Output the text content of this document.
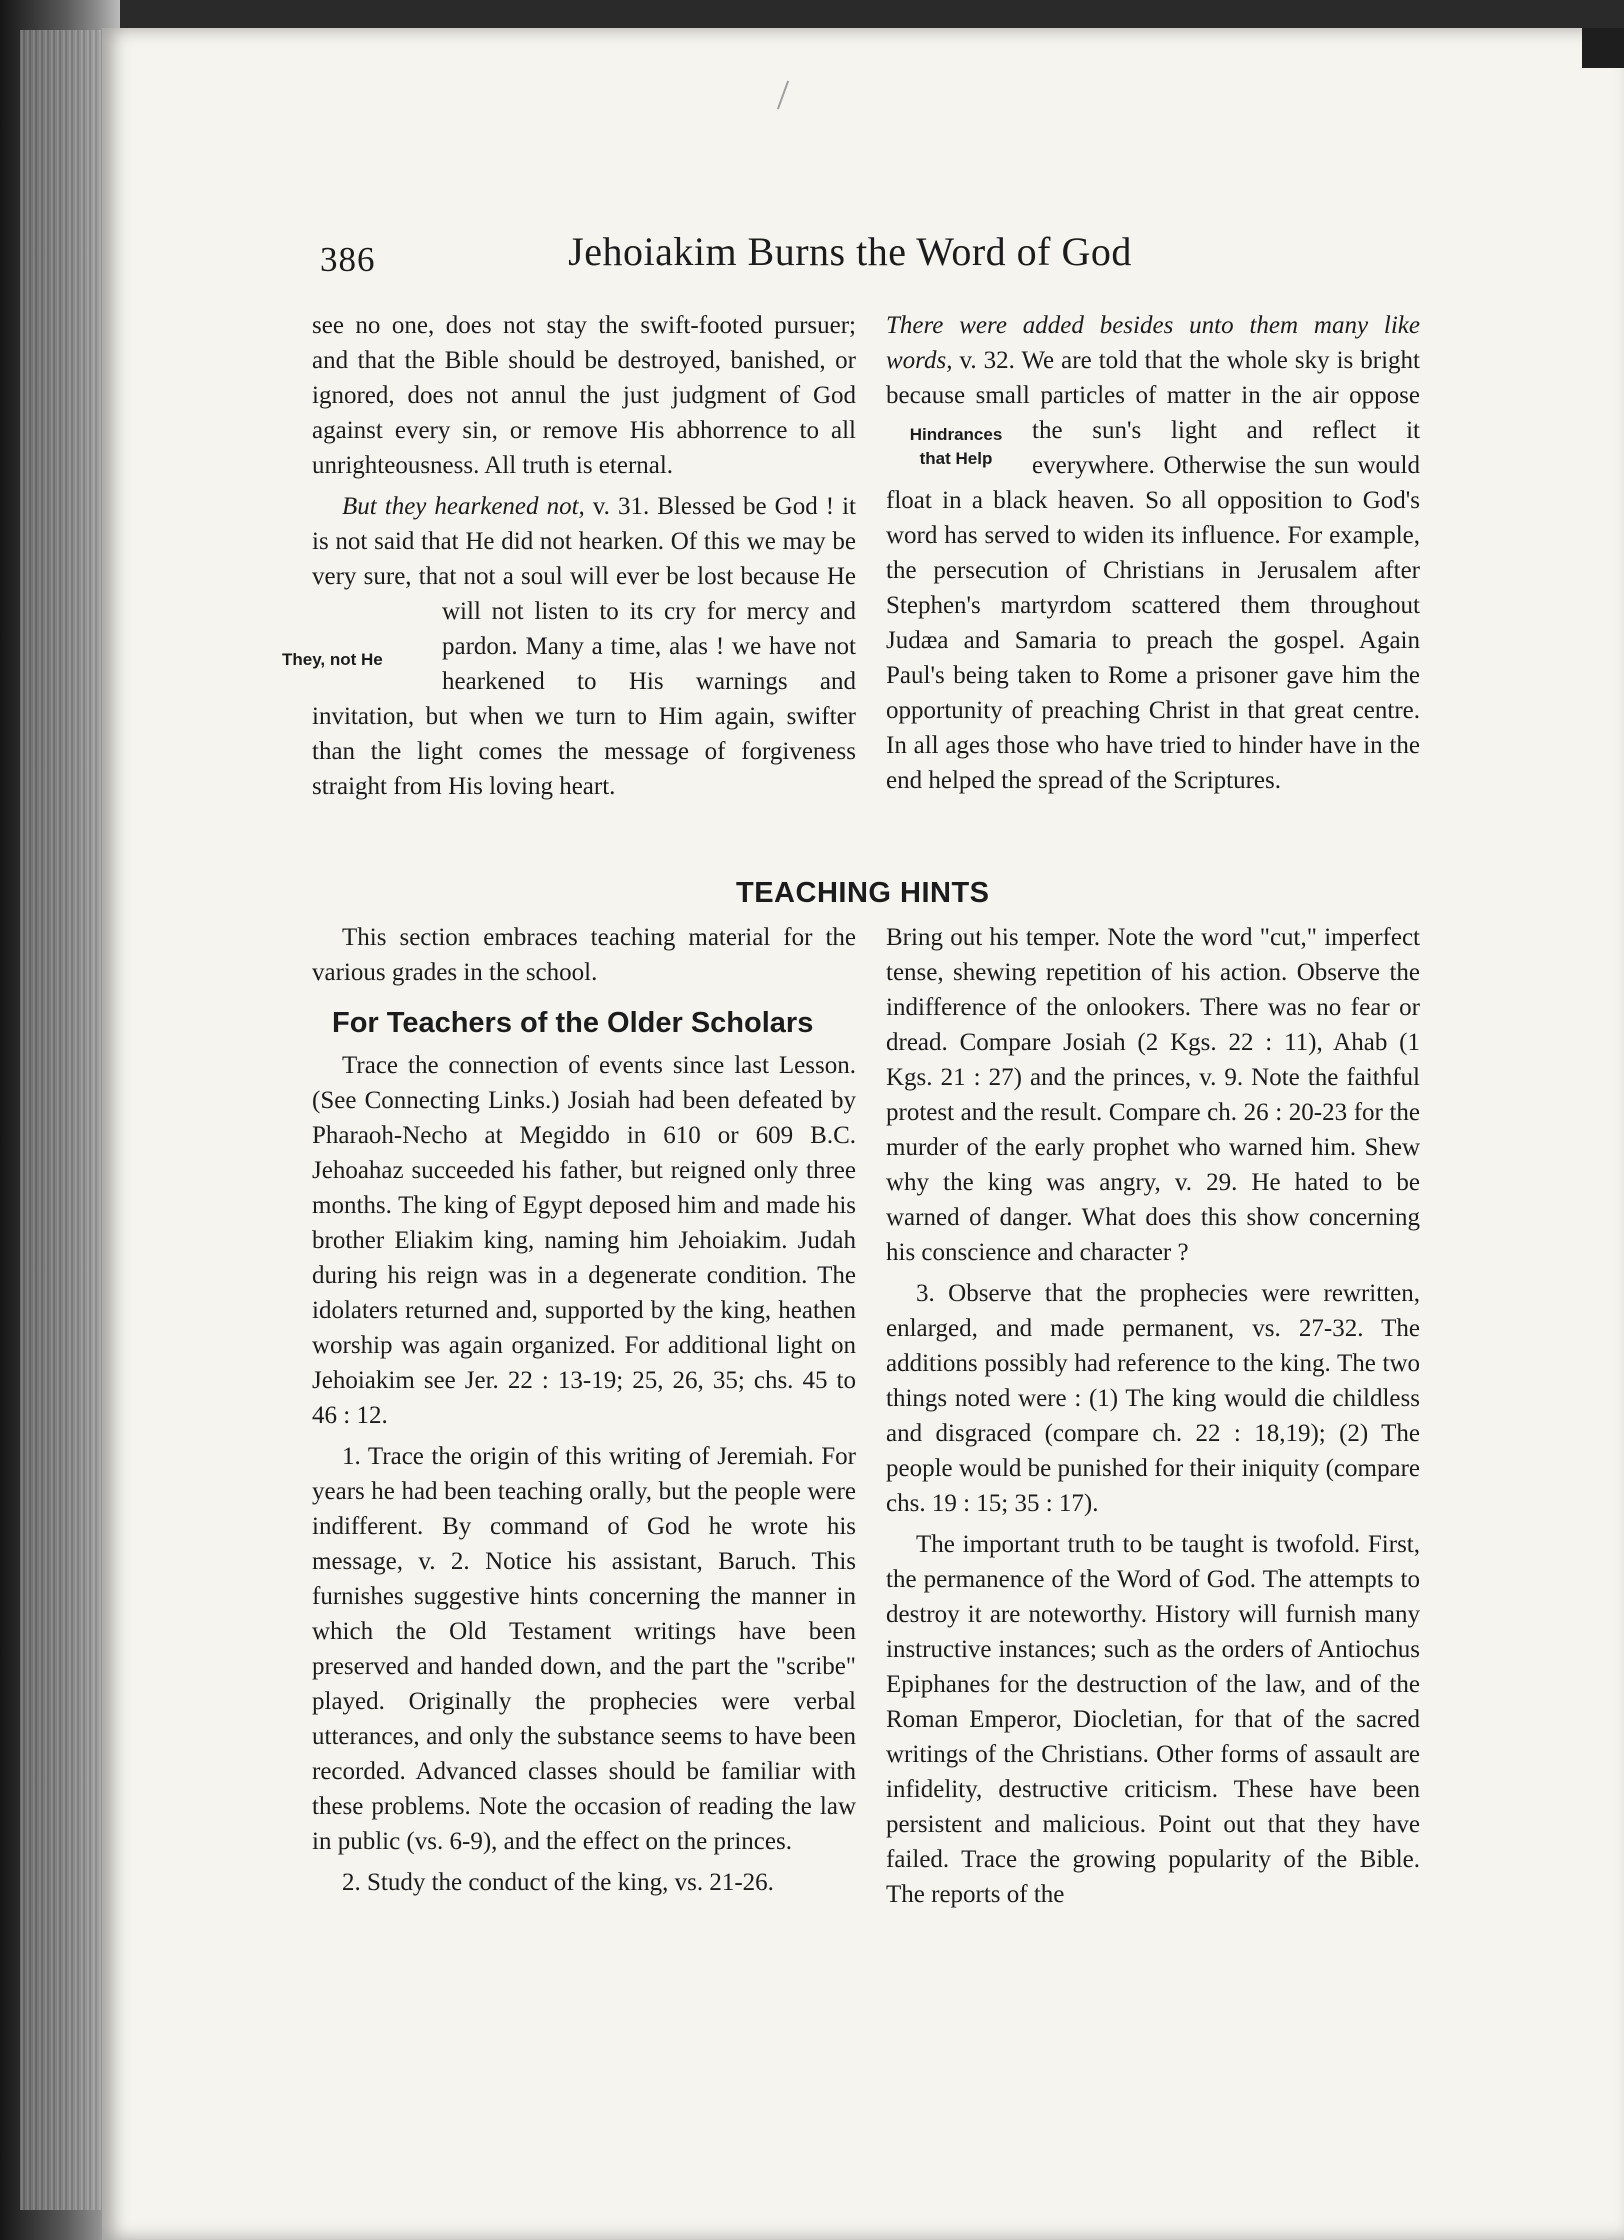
386	Jehoiakim Burns the Word of God

see no one, does not stay the swift-footed pursuer; and that the Bible should be destroyed, banished, or ignored, does not annul the just judgment of God against every sin, or remove His abhorrence to all unrighteousness. All truth is eternal.

They, not He
But they hearkened not, v. 31. Blessed be God ! it is not said that He did not hearken. Of this we may be very sure, that not a soul will ever be lost because He will not listen to its cry for mercy and pardon. Many a time, alas ! we have not hearkened to His warnings and invitation, but when we turn to Him again, swifter than the light comes the message of forgiveness straight from His loving heart.

Hindrances
that Help
There were added besides unto them many like words, v. 32. We are told that the whole sky is bright because small particles of matter in the air oppose the sun's light and reflect it everywhere. Otherwise the sun would float in a black heaven. So all opposition to God's word has served to widen its influence. For example, the persecution of Christians in Jerusalem after Stephen's martyrdom scattered them throughout Judæa and Samaria to preach the gospel. Again Paul's being taken to Rome a prisoner gave him the opportunity of preaching Christ in that great centre. In all ages those who have tried to hinder have in the end helped the spread of the Scriptures.

TEACHING HINTS

This section embraces teaching material for the various grades in the school.

For Teachers of the Older Scholars

Trace the connection of events since last Lesson. (See Connecting Links.) Josiah had been defeated by Pharaoh-Necho at Megiddo in 610 or 609 B.C. Jehoahaz succeeded his father, but reigned only three months. The king of Egypt deposed him and made his brother Eliakim king, naming him Jehoiakim. Judah during his reign was in a degenerate condition. The idolaters returned and, supported by the king, heathen worship was again organized. For additional light on Jehoiakim see Jer. 22 : 13-19; 25, 26, 35; chs. 45 to 46 : 12.

1. Trace the origin of this writing of Jeremiah. For years he had been teaching orally, but the people were indifferent. By command of God he wrote his message, v. 2. Notice his assistant, Baruch. This furnishes suggestive hints concerning the manner in which the Old Testament writings have been preserved and handed down, and the part the "scribe" played. Originally the prophecies were verbal utterances, and only the substance seems to have been recorded. Advanced classes should be familiar with these problems. Note the occasion of reading the law in public (vs. 6-9), and the effect on the princes.

2. Study the conduct of the king, vs. 21-26.

Bring out his temper. Note the word "cut," imperfect tense, shewing repetition of his action. Observe the indifference of the onlookers. There was no fear or dread. Compare Josiah (2 Kgs. 22 : 11), Ahab (1 Kgs. 21 : 27) and the princes, v. 9. Note the faithful protest and the result. Compare ch. 26 : 20-23 for the murder of the early prophet who warned him. Shew why the king was angry, v. 29. He hated to be warned of danger. What does this show concerning his conscience and character ?

3. Observe that the prophecies were rewritten, enlarged, and made permanent, vs. 27-32. The additions possibly had reference to the king. The two things noted were : (1) The king would die childless and disgraced (compare ch. 22 : 18,19); (2) The people would be punished for their iniquity (compare chs. 19 : 15; 35 : 17).

The important truth to be taught is twofold. First, the permanence of the Word of God. The attempts to destroy it are noteworthy. History will furnish many instructive instances; such as the orders of Antiochus Epiphanes for the destruction of the law, and of the Roman Emperor, Diocletian, for that of the sacred writings of the Christians. Other forms of assault are infidelity, destructive criticism. These have been persistent and malicious. Point out that they have failed. Trace the growing popularity of the Bible. The reports of the
